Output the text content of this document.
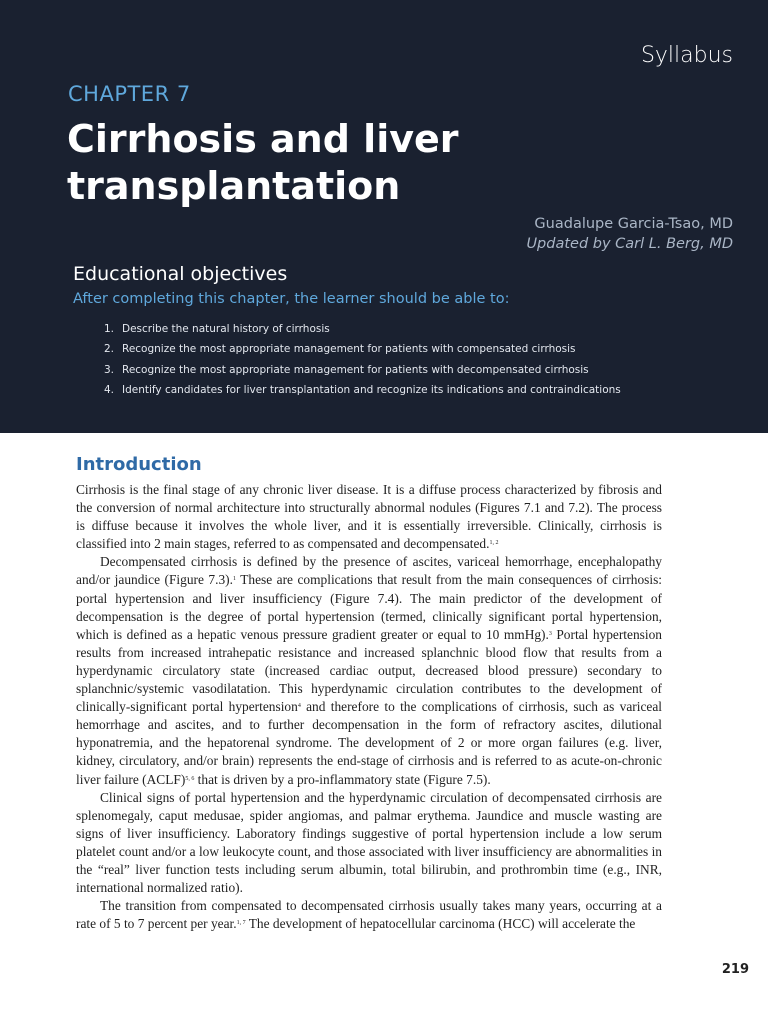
Syllabus
CHAPTER 7
Cirrhosis and liver transplantation
Guadalupe Garcia-Tsao, MD
Updated by Carl L. Berg, MD
Educational objectives
After completing this chapter, the learner should be able to:
1. Describe the natural history of cirrhosis
2. Recognize the most appropriate management for patients with compensated cirrhosis
3. Recognize the most appropriate management for patients with decompensated cirrhosis
4. Identify candidates for liver transplantation and recognize its indications and contraindications
Introduction

Cirrhosis is the final stage of any chronic liver disease. It is a diffuse process characterized by fibrosis and the conversion of normal architecture into structurally abnormal nodules (Figures 7.1 and 7.2). The process is diffuse because it involves the whole liver, and it is essentially irreversible. Clinically, cirrhosis is classified into 2 main stages, referred to as compensated and decompensated.$^{1, 2}$

Decompensated cirrhosis is defined by the presence of ascites, variceal hemorrhage, encephalopathy and/or jaundice (Figure 7.3).$^1$ These are complications that result from the main consequences of cirrhosis: portal hypertension and liver insufficiency (Figure 7.4). The main predictor of the development of decompensation is the degree of portal hypertension (termed, clinically significant portal hypertension, which is defined as a hepatic venous pressure gradient greater or equal to 10 mmHg).$^3$ Portal hypertension results from increased intrahepatic resistance and increased splanchnic blood flow that results from a hyperdynamic circulatory state (increased cardiac output, decreased blood pressure) secondary to splanchnic/systemic vasodilatation. This hyperdynamic circulation contributes to the development of clinically-significant portal hypertension$^4$ and therefore to the complications of cirrhosis, such as variceal hemorrhage and ascites, and to further decompensation in the form of refractory ascites, dilutional hyponatremia, and the hepatorenal syndrome. The development of 2 or more organ failures (e.g. liver, kidney, circulatory, and/or brain) represents the end-stage of cirrhosis and is referred to as acute-on-chronic liver failure (ACLF)$^{5, 6}$ that is driven by a pro-inflammatory state (Figure 7.5).

Clinical signs of portal hypertension and the hyperdynamic circulation of decompensated cirrhosis are splenomegaly, caput medusae, spider angiomas, and palmar erythema. Jaundice and muscle wasting are signs of liver insufficiency. Laboratory findings suggestive of portal hypertension include a low serum platelet count and/or a low leukocyte count, and those associated with liver insufficiency are abnormalities in the “real” liver function tests including serum albumin, total bilirubin, and prothrombin time (e.g., INR, international normalized ratio).

The transition from compensated to decompensated cirrhosis usually takes many years, occurring at a rate of 5 to 7 percent per year.$^{1, 7}$ The development of hepatocellular carcinoma (HCC) will accelerate the

219
